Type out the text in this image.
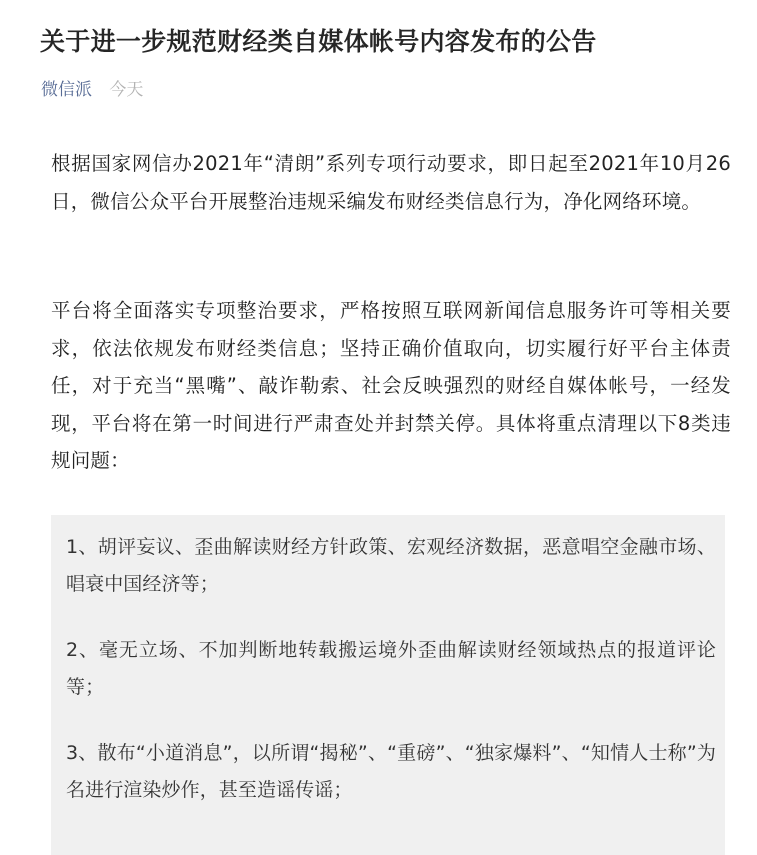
关于进一步规范财经类自媒体帐号内容发布的公告
微信派 今天

根据国家网信办2021年“清朗”系列专项行动要求，即日起至2021年10月26日，微信公众平台开展整治违规采编发布财经类信息行为，净化网络环境。

平台将全面落实专项整治要求，严格按照互联网新闻信息服务许可等相关要求，依法依规发布财经类信息；坚持正确价值取向，切实履行好平台主体责任，对于充当“黑嘴”、敲诈勒索、社会反映强烈的财经自媒体帐号，一经发现，平台将在第一时间进行严肃查处并封禁关停。具体将重点清理以下8类违规问题：

1、胡评妄议、歪曲解读财经方针政策、宏观经济数据，恶意唱空金融市场、唱衰中国经济等；

2、毫无立场、不加判断地转载搬运境外歪曲解读财经领域热点的报道评论等；

3、散布“小道消息”，以所谓“揭秘”、“重磅”、“独家爆料”、“知情人士称”为名进行渲染炒作，甚至造谣传谣；
